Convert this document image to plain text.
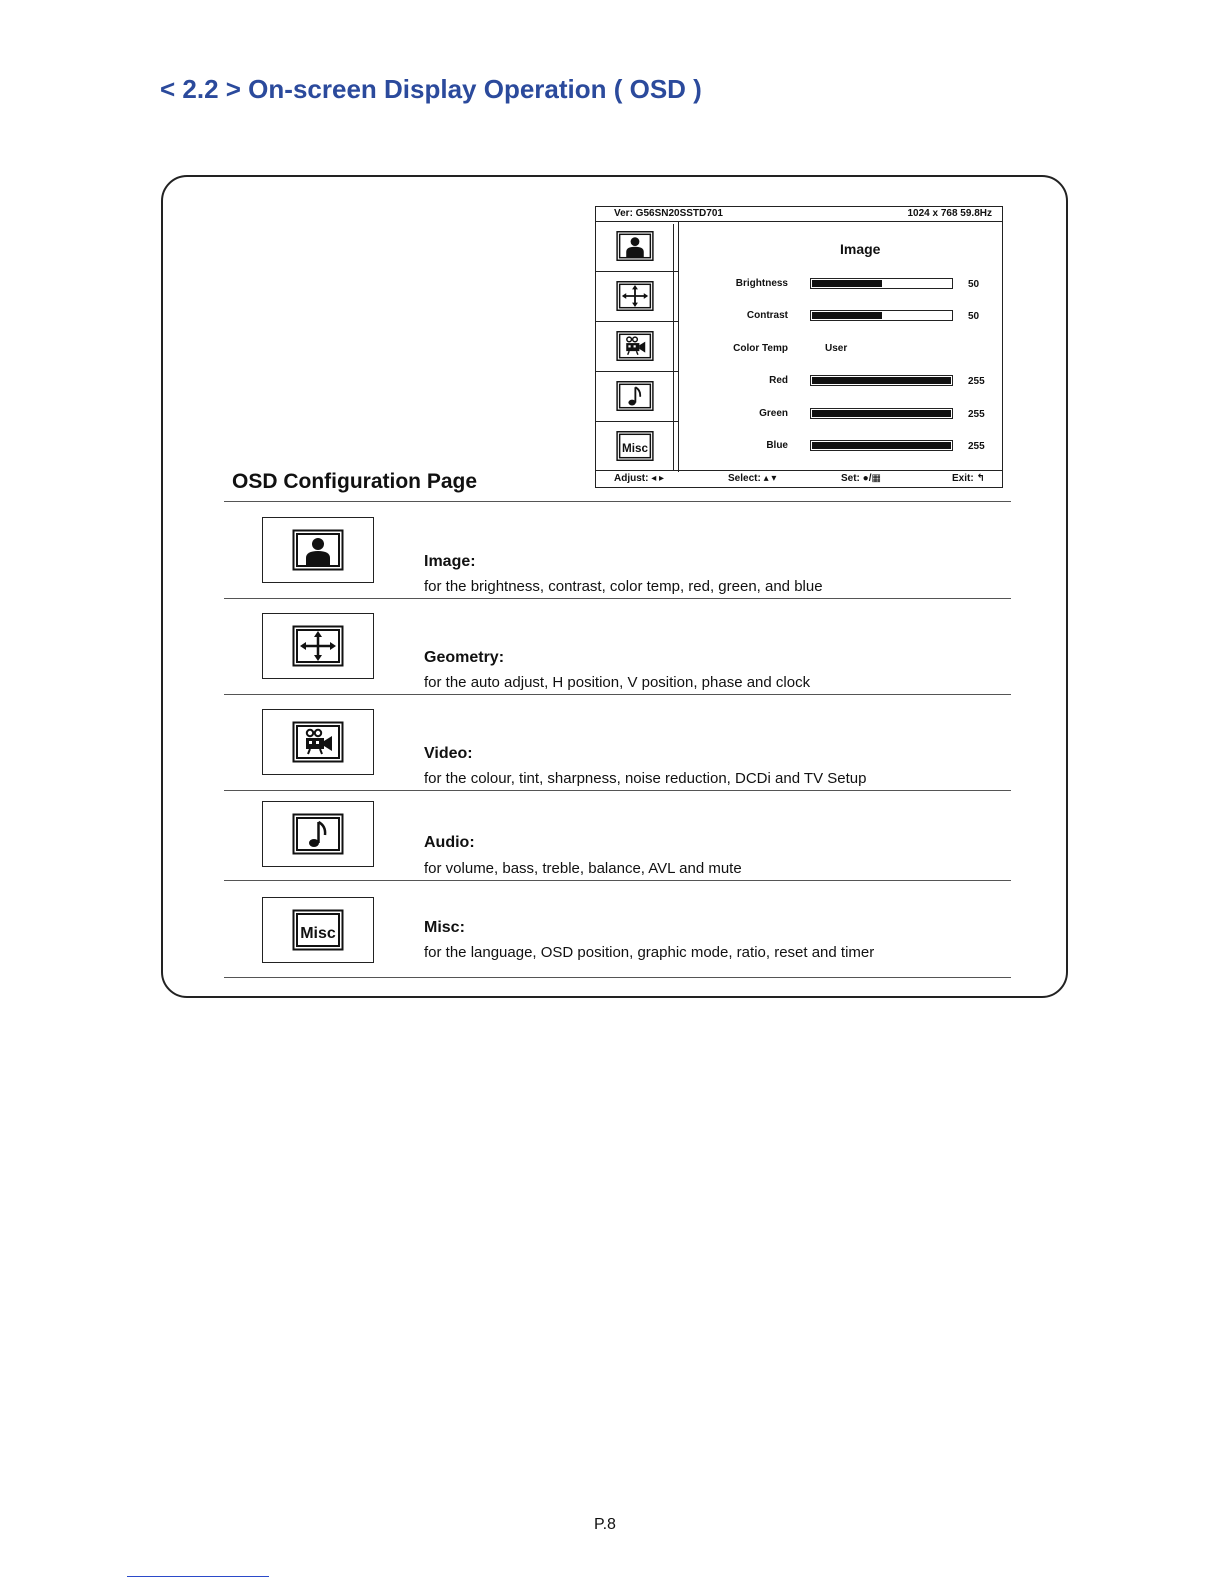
< 2.2 > On-screen Display Operation ( OSD )
Ver: G56SN20SSTD701	1024 x 768 59.8Hz
Misc
Image
Brightness	50
Contrast	50
Color Temp	User
Red	255
Green	255
Blue	255
Adjust: ◂ ▸	Select: ▴ ▾	Set: ●/▦	Exit: ↰
OSD Configuration Page

Image:

for the brightness, contrast, color temp, red, green, and blue

Geometry:

for the auto adjust, H position, V position, phase and clock

Video:

for the colour, tint, sharpness, noise reduction, DCDi and TV Setup

Audio:

for volume, bass, treble, balance, AVL and mute

Misc	Misc:

for the language, OSD position, graphic mode, ratio, reset and timer

P.8
